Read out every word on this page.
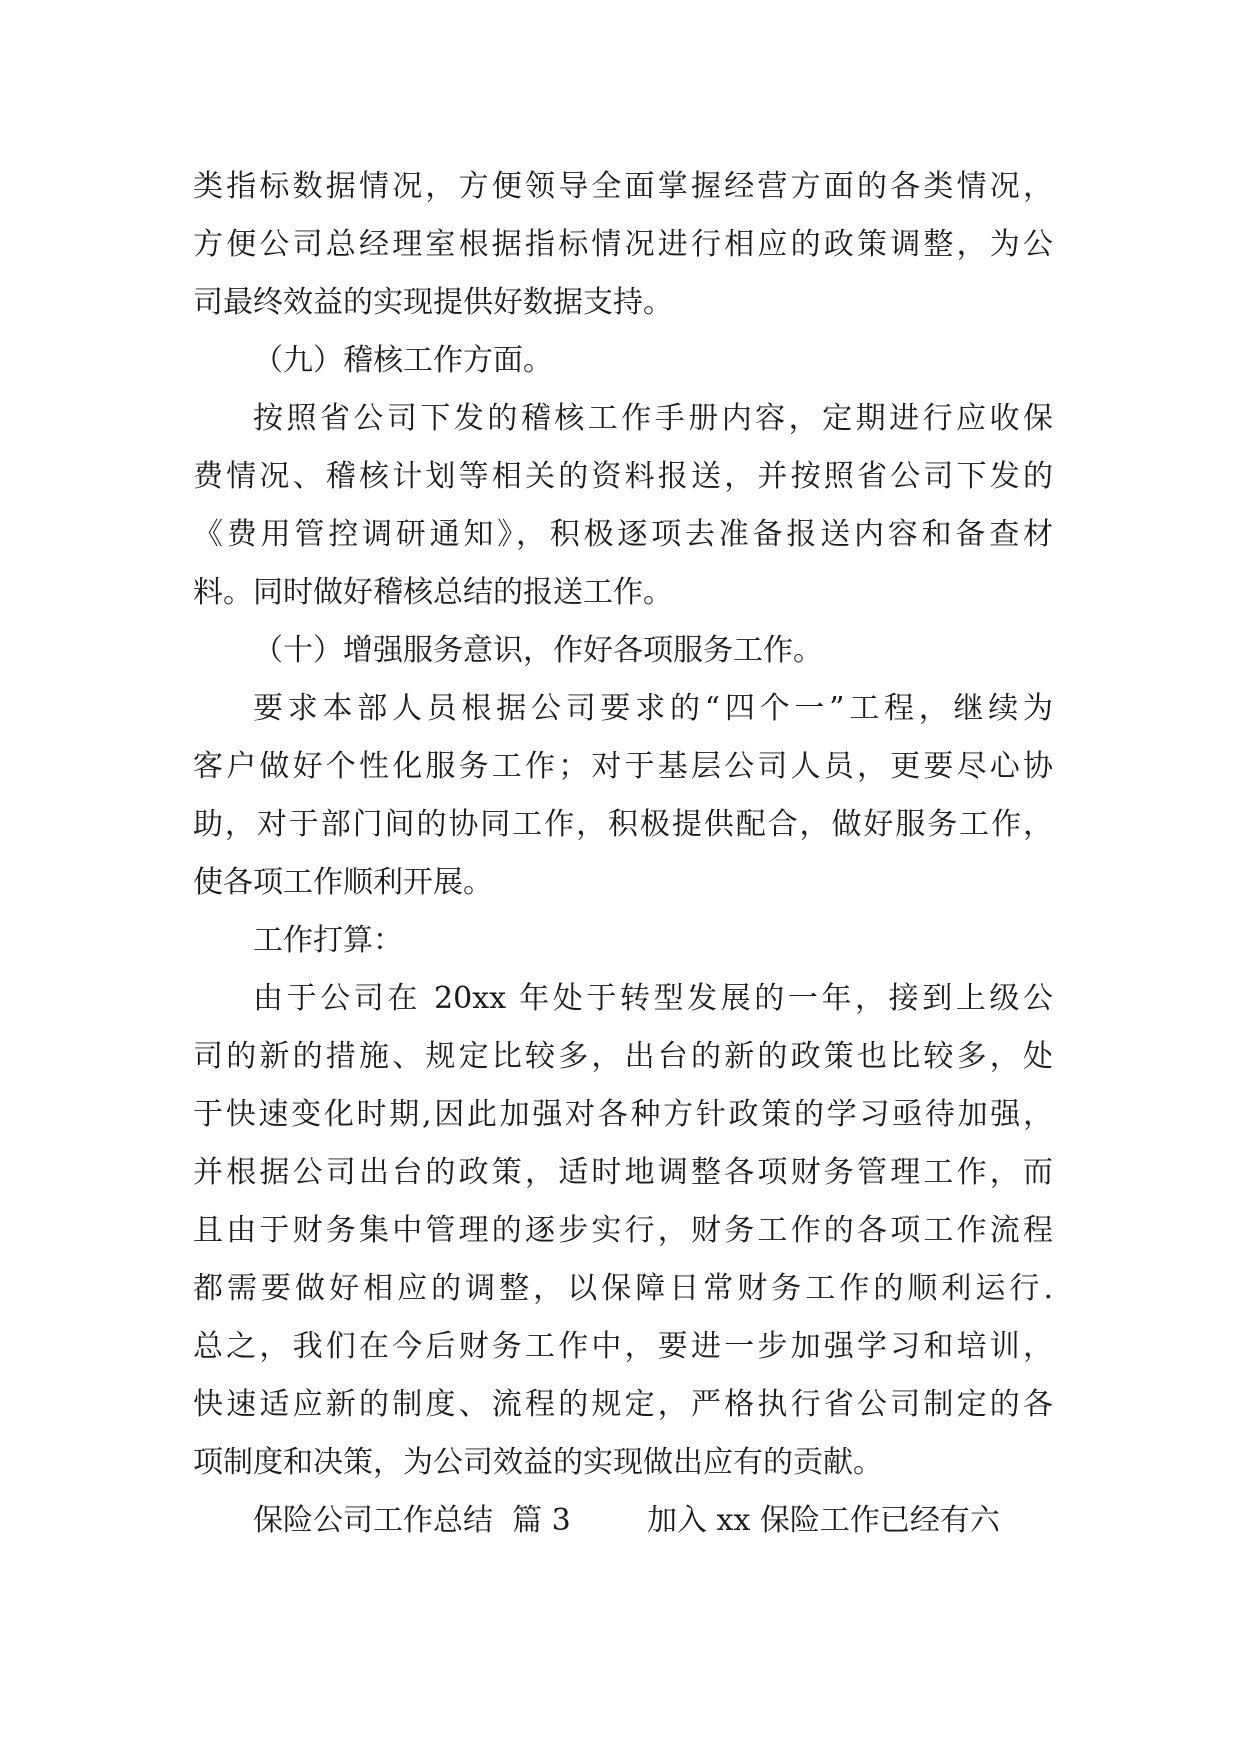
类指标数据情况，方便领导全面掌握经营方面的各类情况，
方便公司总经理室根据指标情况进行相应的政策调整，为公
司最终效益的实现提供好数据支持。
（九）稽核工作方面。
按照省公司下发的稽核工作手册内容，定期进行应收保
费情况、稽核计划等相关的资料报送，并按照省公司下发的
《费用管控调研通知》，积极逐项去准备报送内容和备查材
料。同时做好稽核总结的报送工作。
（十）增强服务意识，作好各项服务工作。
要求本部人员根据公司要求的“四个一”工程，继续为
客户做好个性化服务工作；对于基层公司人员，更要尽心协
助，对于部门间的协同工作，积极提供配合，做好服务工作，
使各项工作顺利开展。
工作打算：
由于公司在 20xx 年处于转型发展的一年，接到上级公
司的新的措施、规定比较多，出台的新的政策也比较多，处
于快速变化时期,因此加强对各种方针政策的学习亟待加强，
并根据公司出台的政策，适时地调整各项财务管理工作，而
且由于财务集中管理的逐步实行，财务工作的各项工作流程
都需要做好相应的调整，以保障日常财务工作的顺利运行.
总之，我们在今后财务工作中，要进一步加强学习和培训，
快速适应新的制度、流程的规定，严格执行省公司制定的各
项制度和决策，为公司效益的实现做出应有的贡献。
保险公司工作总结  篇 3        加入 xx 保险工作已经有六
